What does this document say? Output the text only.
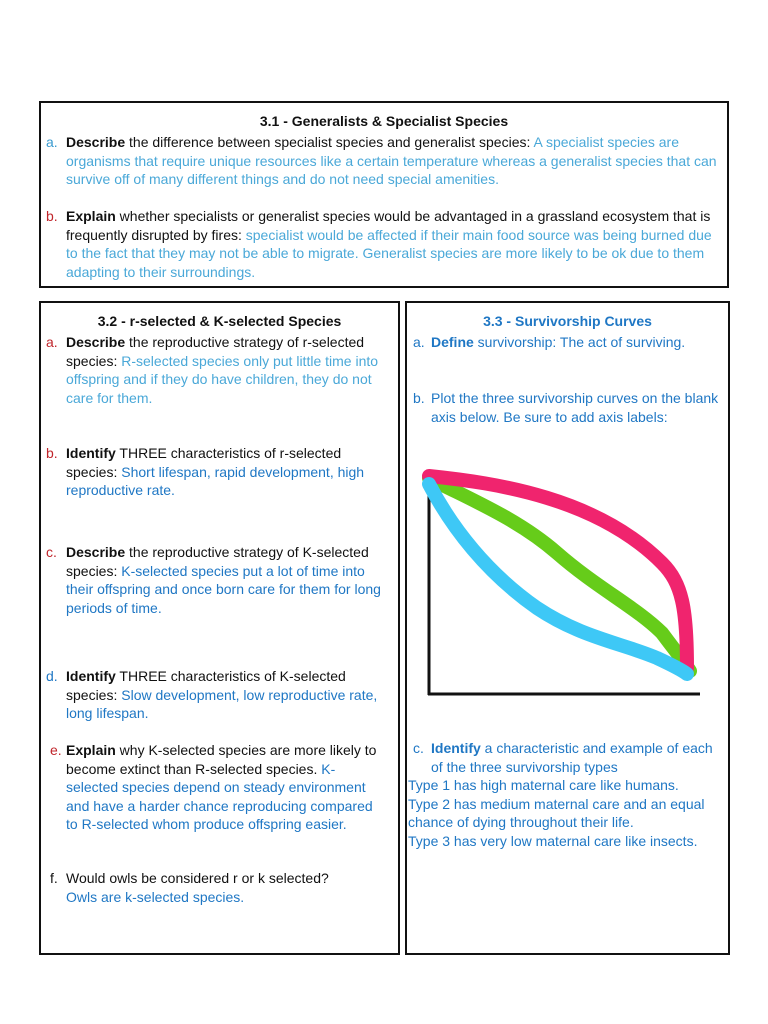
3.1 - Generalists & Specialist Species

a. Describe the difference between specialist species and generalist species: A specialist species are organisms that require unique resources like a certain temperature whereas a generalist species that can survive off of many different things and do not need special amenities.
b. Explain whether specialists or generalist species would be advantaged in a grassland ecosystem that is frequently disrupted by fires: specialist would be affected if their main food source was being burned due to the fact that they may not be able to migrate. Generalist species are more likely to be ok due to them adapting to their surroundings.

3.2 - r-selected & K-selected Species

a. Describe the reproductive strategy of r-selected species: R-selected species only put little time into offspring and if they do have children, they do not care for them.
b. Identify THREE characteristics of r-selected species: Short lifespan, rapid development, high reproductive rate.
c. Describe the reproductive strategy of K-selected species: K-selected species put a lot of time into their offspring and once born care for them for long periods of time.
d. Identify THREE characteristics of K-selected species: Slow development, low reproductive rate, long lifespan.
e. Explain why K-selected species are more likely to become extinct than R-selected species. K-selected species depend on steady environment and have a harder chance reproducing compared to R-selected whom produce offspring easier.
f. Would owls be considered r or k selected?
Owls are k-selected species.

3.3 - Survivorship Curves

a. Define survivorship: The act of surviving.
b. Plot the three survivorship curves on the blank axis below. Be sure to add axis labels:
c. Identify a characteristic and example of each of the three survivorship types
Type 1 has high maternal care like humans.
Type 2 has medium maternal care and an equal chance of dying throughout their life.
Type 3 has very low maternal care like insects.
